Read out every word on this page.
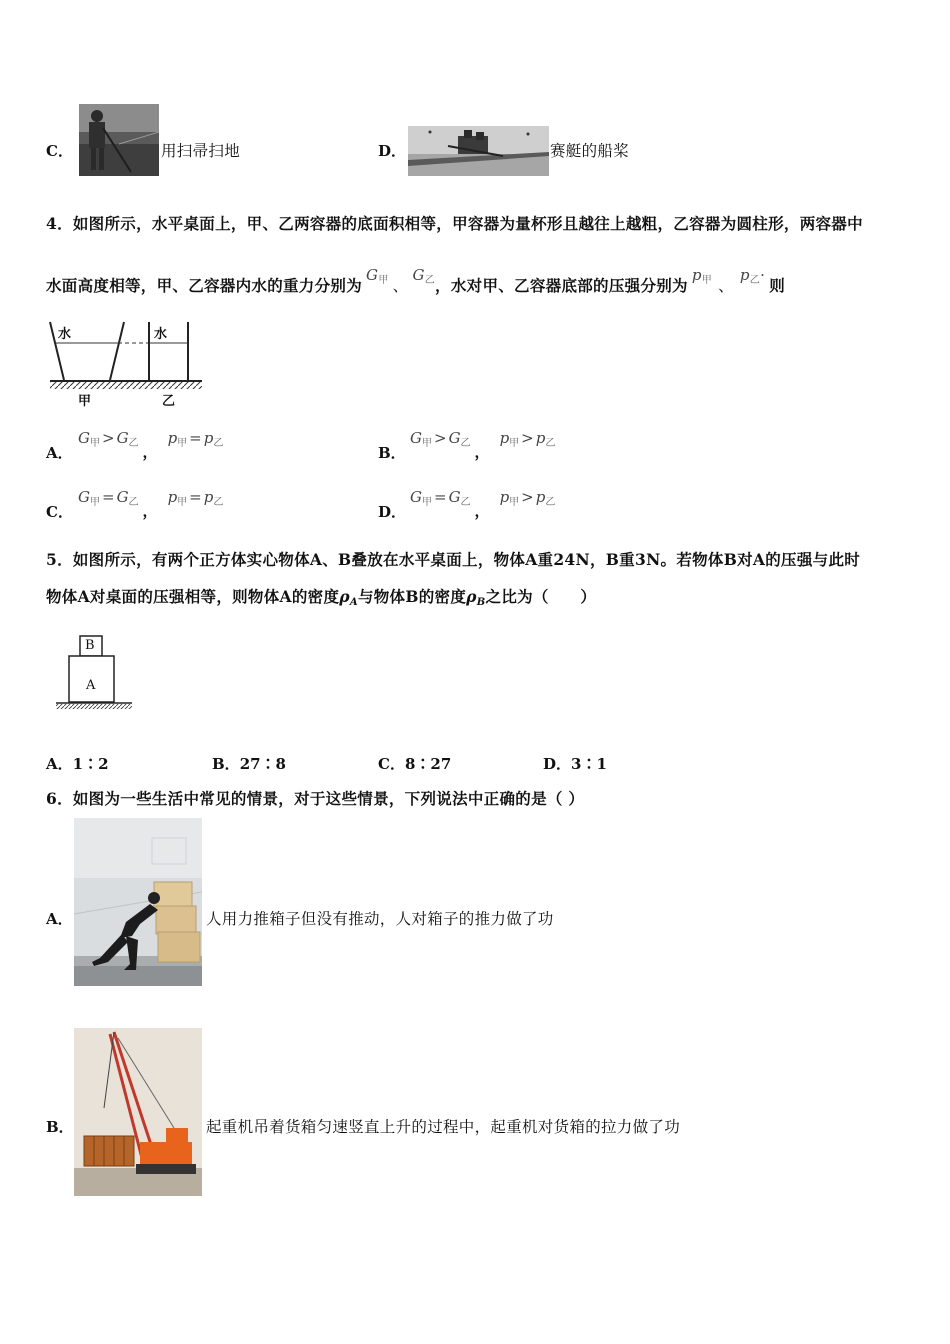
C．	用扫帚扫地	D．	赛艇的船桨
4．如图所示，水平桌面上，甲、乙两容器的底面积相等，甲容器为量杯形且越往上越粗，乙容器为圆柱形，两容器中
水面高度相等，甲、乙容器内水的重力分别为
$G_甲$ 、
$G_乙$ ，水对甲、乙容器底部的压强分别为
$p_甲$ 、
$p_乙\cdot$
则
水	水
甲	乙
A．
$G_甲 > G_乙$ ，
$p_甲 = p_乙$
B．
$G_甲 > G_乙$ ，
$p_甲 > p_乙$
C．
$G_甲 = G_乙$ ，
$p_甲 = p_乙$
D．
$G_甲 = G_乙$ ，
$p_甲 > p_乙$
5．如图所示，有两个正方体实心物体A、B叠放在水平桌面上，物体A重24N，B重3N。若物体B对A的压强与此时
物体A对桌面的压强相等，则物体A的密度 ρA 与物体B的密度 ρB 之比为（　　）
B
A
A．1∶2	B．27∶8	C．8∶27	D．3∶1
6．如图为一些生活中常见的情景，对于这些情景，下列说法中正确的是（ ）
A．	人用力推箱子但没有推动，人对箱子的推力做了功
B．	起重机吊着货箱匀速竖直上升的过程中，起重机对货箱的拉力做了功
